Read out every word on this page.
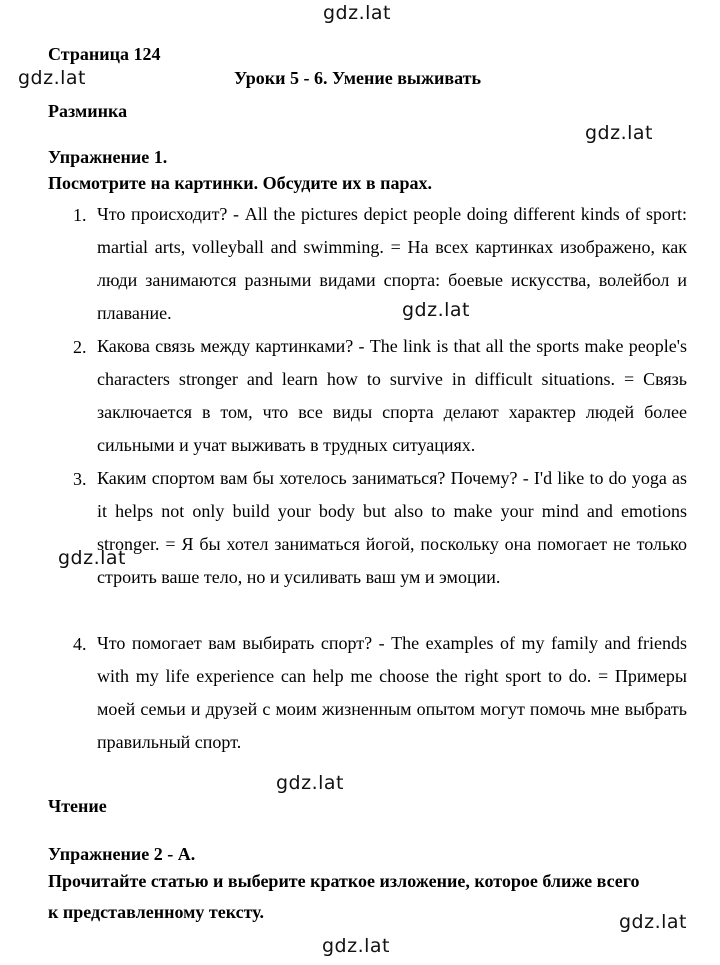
gdz.lat
gdz.lat
gdz.lat
gdz.lat
gdz.lat
gdz.lat
gdz.lat
gdz.lat
Страница 124
Уроки 5 - 6. Умение выживать
Разминка
Упражнение 1.
Посмотрите на картинки. Обсудите их в парах.
1. Что происходит? - All the pictures depict people doing different kinds of sport: martial arts, volleyball and swimming. = На всех картинках изображено, как люди занимаются разными видами спорта: боевые искусства, волейбол и плавание.
2. Какова связь между картинками? - The link is that all the sports make people's characters stronger and learn how to survive in difficult situations. = Связь заключается в том, что все виды спорта делают характер людей более сильными и учат выживать в трудных ситуациях.
3. Каким спортом вам бы хотелось заниматься? Почему? - I'd like to do yoga as it helps not only build your body but also to make your mind and emotions stronger. = Я бы хотел заниматься йогой, поскольку она помогает не только строить ваше тело, но и усиливать ваш ум и эмоции.
4. Что помогает вам выбирать спорт? - The examples of my family and friends with my life experience can help me choose the right sport to do. = Примеры моей семьи и друзей с моим жизненным опытом могут помочь мне выбрать правильный спорт.
Чтение
Упражнение 2 - А.
Прочитайте статью и выберите краткое изложение, которое ближе всего
к представленному тексту.
